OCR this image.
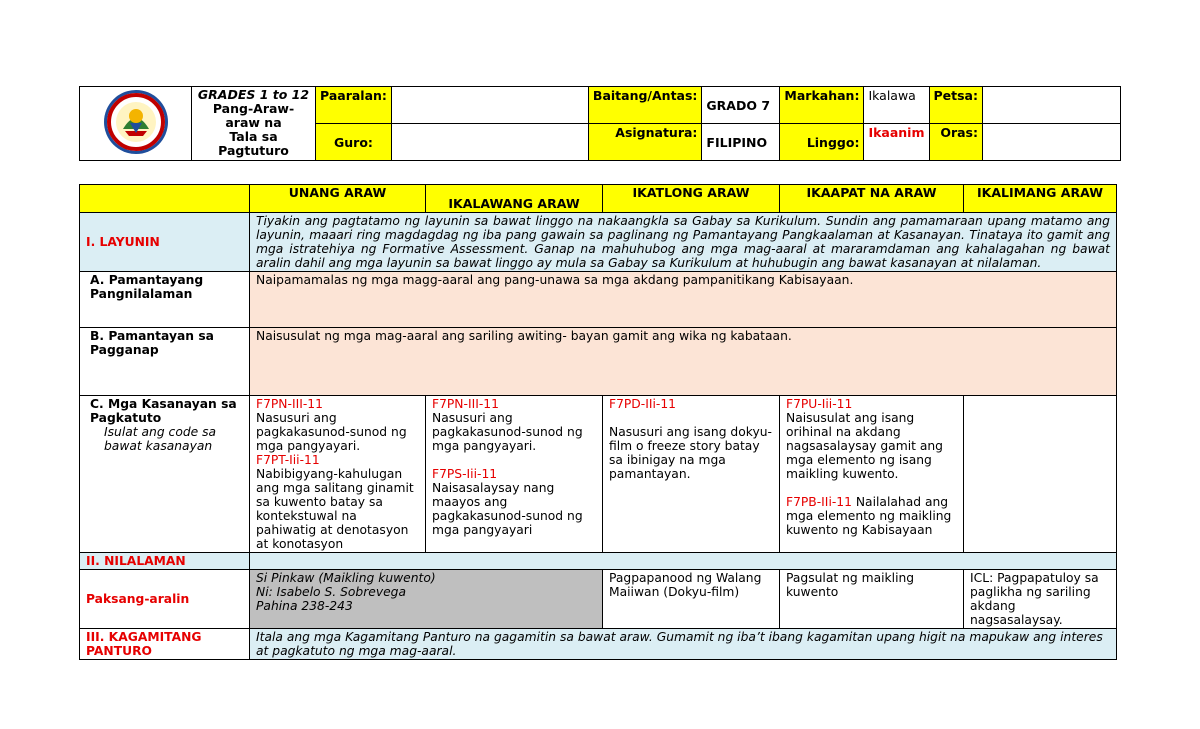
GRADES 1 to 12
Pang-Araw-araw na
Tala sa Pagtuturo	Paaralan:		Baitang/Antas:	GRADO 7	Markahan:	Ikalawa	Petsa:	
		Guro:		Asignatura:	FILIPINO	Linggo:	Ikaanim	Oras:	
	UNANG ARAW	IKALAWANG ARAW	IKATLONG ARAW	IKAAPAT NA ARAW	IKALIMANG ARAW
I. LAYUNIN	Tiyakin ang pagtatamo ng layunin sa bawat linggo na nakaangkla sa Gabay sa Kurikulum. Sundin ang pamamaraan upang matamo ang layunin, maaari ring magdagdag ng iba pang gawain sa paglinang ng Pamantayang Pangkaalaman at Kasanayan. Tinataya ito gamit ang mga istratehiya ng Formative Assessment. Ganap na mahuhubog ang mga mag-aaral at mararamdaman ang kahalagahan ng bawat aralin dahil ang mga layunin sa bawat linggo ay mula sa Gabay sa Kurikulum at huhubugin ang bawat kasanayan at nilalaman.				
A. Pamantayang Pangnilalaman	Naipamamalas ng mga magg-aaral ang pang-unawa sa mga akdang pampanitikang Kabisayaan.				
B. Pamantayan sa Pagganap	Naisusulat ng mga mag-aaral ang sariling awiting- bayan gamit ang wika ng kabataan.				

C. Mga Kasanayan sa Pagkatuto
Isulat ang code sa bawat kasanayan	F7PN-III-11
Nasusuri ang pagkakasunod-sunod ng mga pangyayari.
F7PT-Iii-11
Nabibigyang-kahulugan ang mga salitang ginamit sa kuwento batay sa kontekstuwal na pahiwatig at denotasyon at konotasyon	F7PN-III-11
Nasusuri ang pagkakasunod-sunod ng mga pangyayari.
F7PS-Iii-11
Naisasalaysay nang maayos ang pagkakasunod-sunod ng mga pangyayari	F7PD-IIi-11
Nasusuri ang isang dokyu-film o freeze story batay sa ibinigay na mga pamantayan.	F7PU-Iii-11
Naisusulat ang isang orihinal na akdang nagsasalaysay gamit ang mga elemento ng isang maikling kuwento.
F7PB-IIi-11 Nailalahad ang mga elemento ng maikling kuwento ng Kabisayaan	

II. NILALAMAN					
Paksang-aralin	Si Pinkaw (Maikling kuwento)
Ni: Isabelo S. Sobrevega
Pahina 238-243		Pagpapanood ng Walang Maiiwan (Dokyu-film)	Pagsulat ng maikling kuwento	ICL: Pagpapatuloy sa paglikha ng sariling akdang nagsasalaysay.
III. KAGAMITANG PANTURO	Itala ang mga Kagamitang Panturo na gagamitin sa bawat araw. Gumamit ng iba’t ibang kagamitan upang higit na mapukaw ang interes at pagkatuto ng mga mag-aaral.				
